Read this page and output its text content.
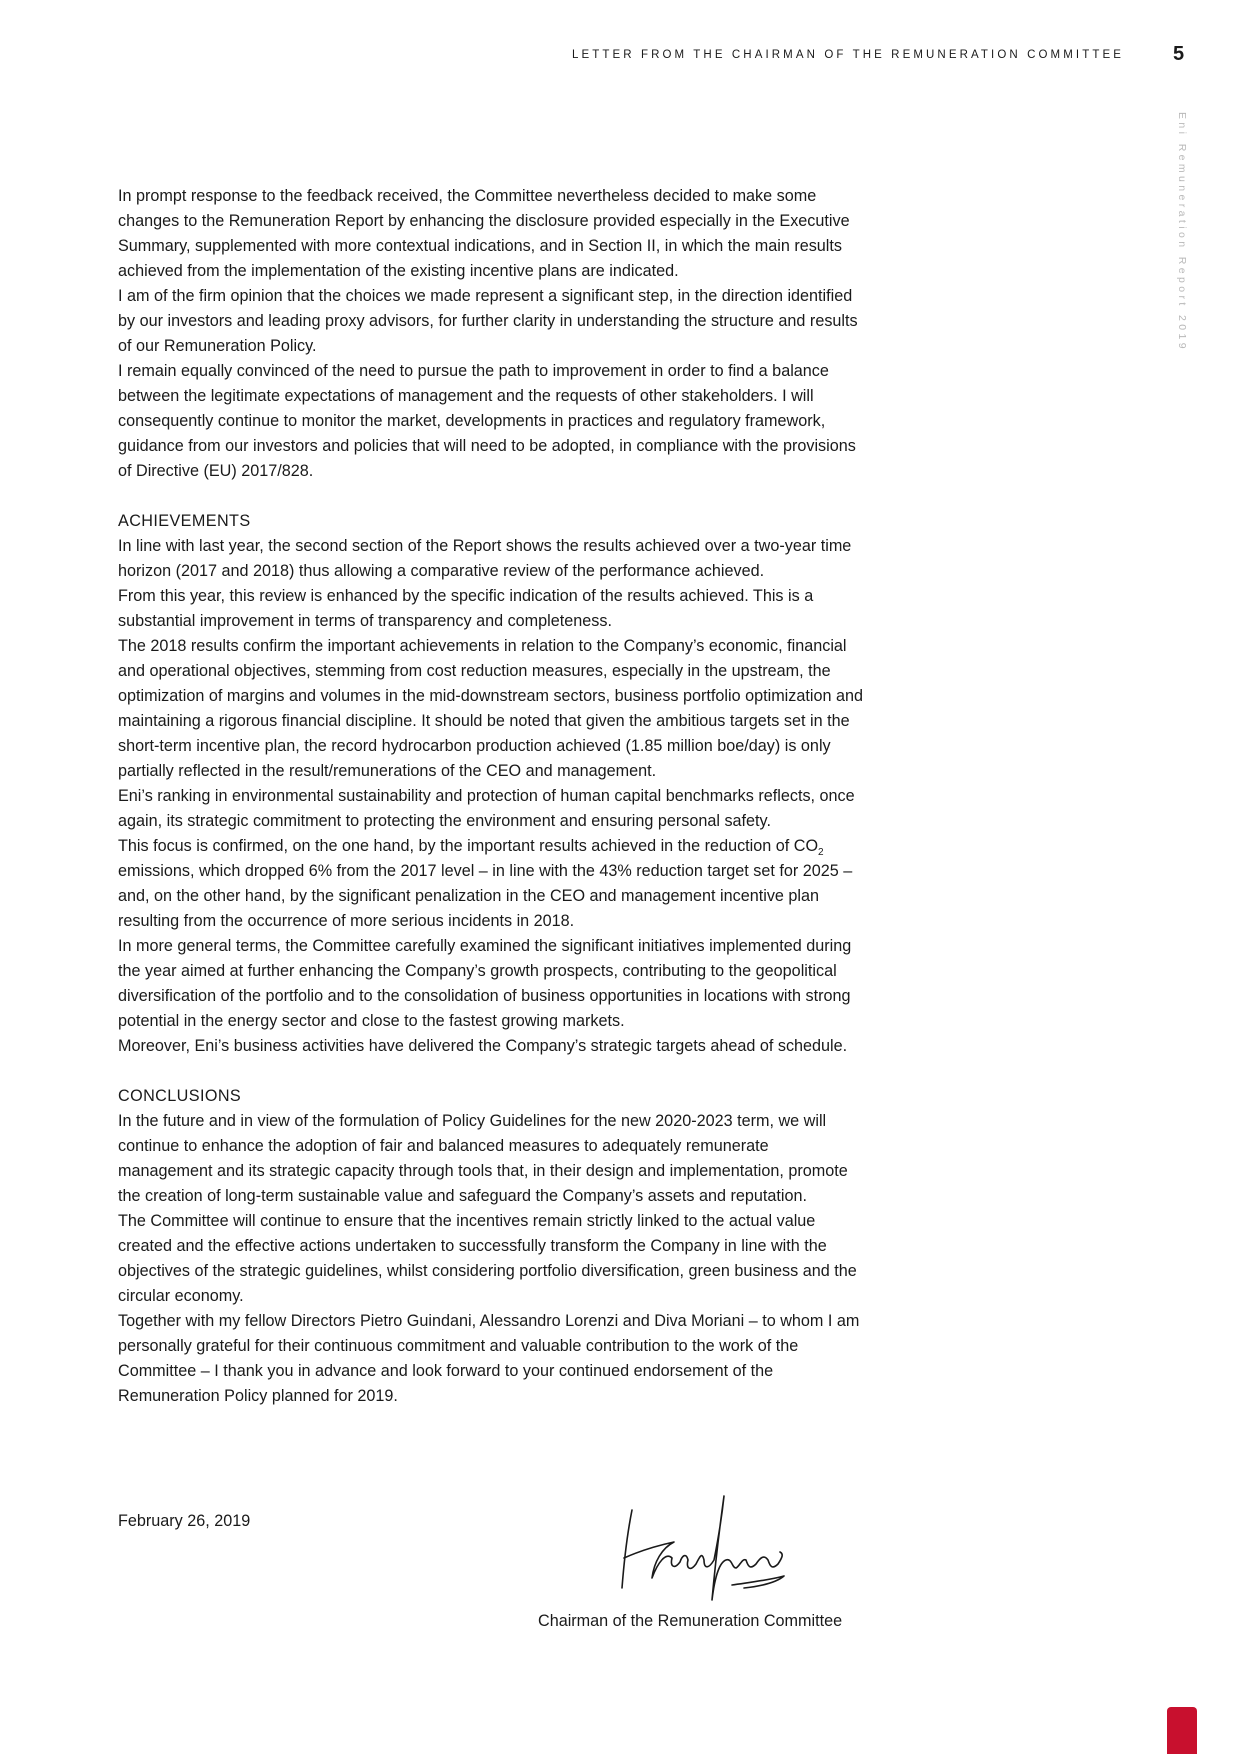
LETTER FROM THE CHAIRMAN OF THE REMUNERATION COMMITTEE 5
Eni Remuneration Report 2019

In prompt response to the feedback received, the Committee nevertheless decided to make some changes to the Remuneration Report by enhancing the disclosure provided especially in the Executive Summary, supplemented with more contextual indications, and in Section II, in which the main results achieved from the implementation of the existing incentive plans are indicated.

I am of the firm opinion that the choices we made represent a significant step, in the direction identified by our investors and leading proxy advisors, for further clarity in understanding the structure and results of our Remuneration Policy.

I remain equally convinced of the need to pursue the path to improvement in order to find a balance between the legitimate expectations of management and the requests of other stakeholders. I will consequently continue to monitor the market, developments in practices and regulatory framework, guidance from our investors and policies that will need to be adopted, in compliance with the provisions of Directive (EU) 2017/828.

ACHIEVEMENTS

In line with last year, the second section of the Report shows the results achieved over a two-year time horizon (2017 and 2018) thus allowing a comparative review of the performance achieved.

From this year, this review is enhanced by the specific indication of the results achieved. This is a substantial improvement in terms of transparency and completeness.

The 2018 results confirm the important achievements in relation to the Company’s economic, financial and operational objectives, stemming from cost reduction measures, especially in the upstream, the optimization of margins and volumes in the mid-downstream sectors, business portfolio optimization and maintaining a rigorous financial discipline. It should be noted that given the ambitious targets set in the short-term incentive plan, the record hydrocarbon production achieved (1.85 million boe/day) is only partially reflected in the result/remunerations of the CEO and management.

Eni’s ranking in environmental sustainability and protection of human capital benchmarks reflects, once again, its strategic commitment to protecting the environment and ensuring personal safety.

This focus is confirmed, on the one hand, by the important results achieved in the reduction of $CO_2$ emissions, which dropped 6% from the 2017 level – in line with the 43% reduction target set for 2025 – and, on the other hand, by the significant penalization in the CEO and management incentive plan resulting from the occurrence of more serious incidents in 2018.

In more general terms, the Committee carefully examined the significant initiatives implemented during the year aimed at further enhancing the Company’s growth prospects, contributing to the geopolitical diversification of the portfolio and to the consolidation of business opportunities in locations with strong potential in the energy sector and close to the fastest growing markets.

Moreover, Eni’s business activities have delivered the Company’s strategic targets ahead of schedule.

CONCLUSIONS

In the future and in view of the formulation of Policy Guidelines for the new 2020-2023 term, we will continue to enhance the adoption of fair and balanced measures to adequately remunerate management and its strategic capacity through tools that, in their design and implementation, promote the creation of long-term sustainable value and safeguard the Company’s assets and reputation.

The Committee will continue to ensure that the incentives remain strictly linked to the actual value created and the effective actions undertaken to successfully transform the Company in line with the objectives of the strategic guidelines, whilst considering portfolio diversification, green business and the circular economy.

Together with my fellow Directors Pietro Guindani, Alessandro Lorenzi and Diva Moriani – to whom I am personally grateful for their continuous commitment and valuable contribution to the work of the Committee – I thank you in advance and look forward to your continued endorsement of the Remuneration Policy planned for 2019.

February 26, 2019
Chairman of the Remuneration Committee
